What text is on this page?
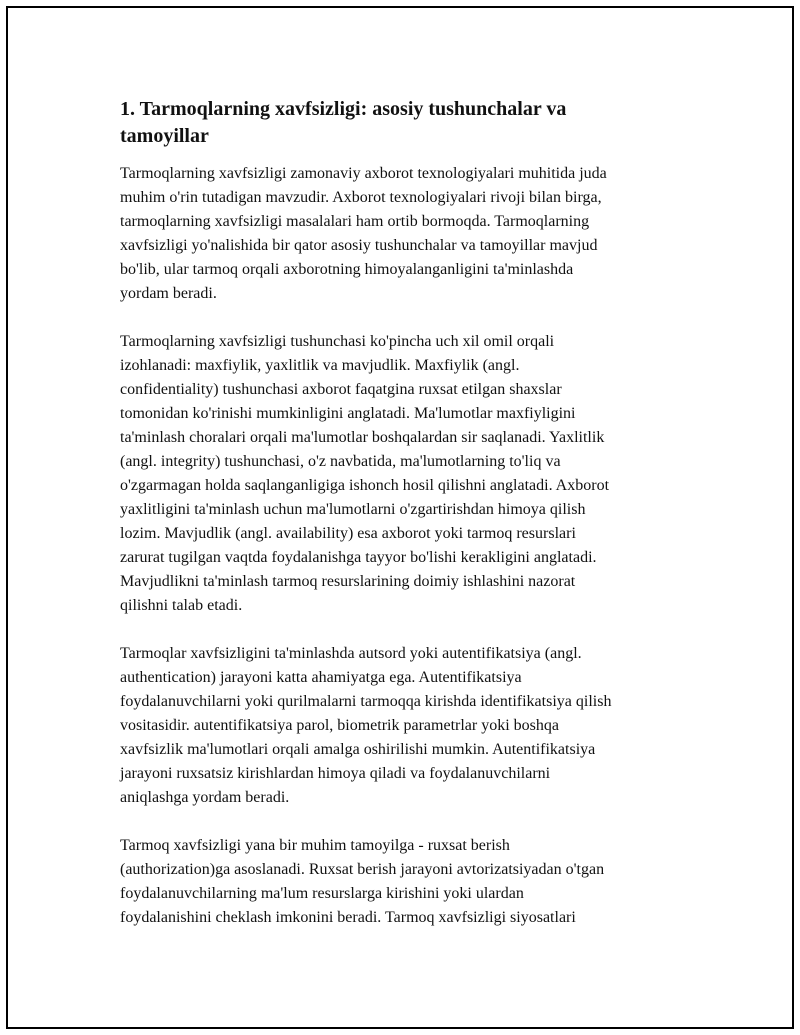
1. Tarmoqlarning xavfsizligi: asosiy tushunchalar va
tamoyillar

Tarmoqlarning xavfsizligi zamonaviy axborot texnologiyalari muhitida juda
muhim o'rin tutadigan mavzudir. Axborot texnologiyalari rivoji bilan birga,
tarmoqlarning xavfsizligi masalalari ham ortib bormoqda. Tarmoqlarning
xavfsizligi yo'nalishida bir qator asosiy tushunchalar va tamoyillar mavjud
bo'lib, ular tarmoq orqali axborotning himoyalanganligini ta'minlashda
yordam beradi.

Tarmoqlarning xavfsizligi tushunchasi ko'pincha uch xil omil orqali
izohlanadi: maxfiylik, yaxlitlik va mavjudlik. Maxfiylik (angl.
confidentiality) tushunchasi axborot faqatgina ruxsat etilgan shaxslar
tomonidan ko'rinishi mumkinligini anglatadi. Ma'lumotlar maxfiyligini
ta'minlash choralari orqali ma'lumotlar boshqalardan sir saqlanadi. Yaxlitlik
(angl. integrity) tushunchasi, o'z navbatida, ma'lumotlarning to'liq va
o'zgarmagan holda saqlanganligiga ishonch hosil qilishni anglatadi. Axborot
yaxlitligini ta'minlash uchun ma'lumotlarni o'zgartirishdan himoya qilish
lozim. Mavjudlik (angl. availability) esa axborot yoki tarmoq resurslari
zarurat tugilgan vaqtda foydalanishga tayyor bo'lishi kerakligini anglatadi.
Mavjudlikni ta'minlash tarmoq resurslarining doimiy ishlashini nazorat
qilishni talab etadi.

Tarmoqlar xavfsizligini ta'minlashda autsord yoki autentifikatsiya (angl.
authentication) jarayoni katta ahamiyatga ega. Autentifikatsiya
foydalanuvchilarni yoki qurilmalarni tarmoqqa kirishda identifikatsiya qilish
vositasidir. autentifikatsiya parol, biometrik parametrlar yoki boshqa
xavfsizlik ma'lumotlari orqali amalga oshirilishi mumkin. Autentifikatsiya
jarayoni ruxsatsiz kirishlardan himoya qiladi va foydalanuvchilarni
aniqlashga yordam beradi.

Tarmoq xavfsizligi yana bir muhim tamoyilga - ruxsat berish
(authorization)ga asoslanadi. Ruxsat berish jarayoni avtorizatsiyadan o'tgan
foydalanuvchilarning ma'lum resurslarga kirishini yoki ulardan
foydalanishini cheklash imkonini beradi. Tarmoq xavfsizligi siyosatlari
